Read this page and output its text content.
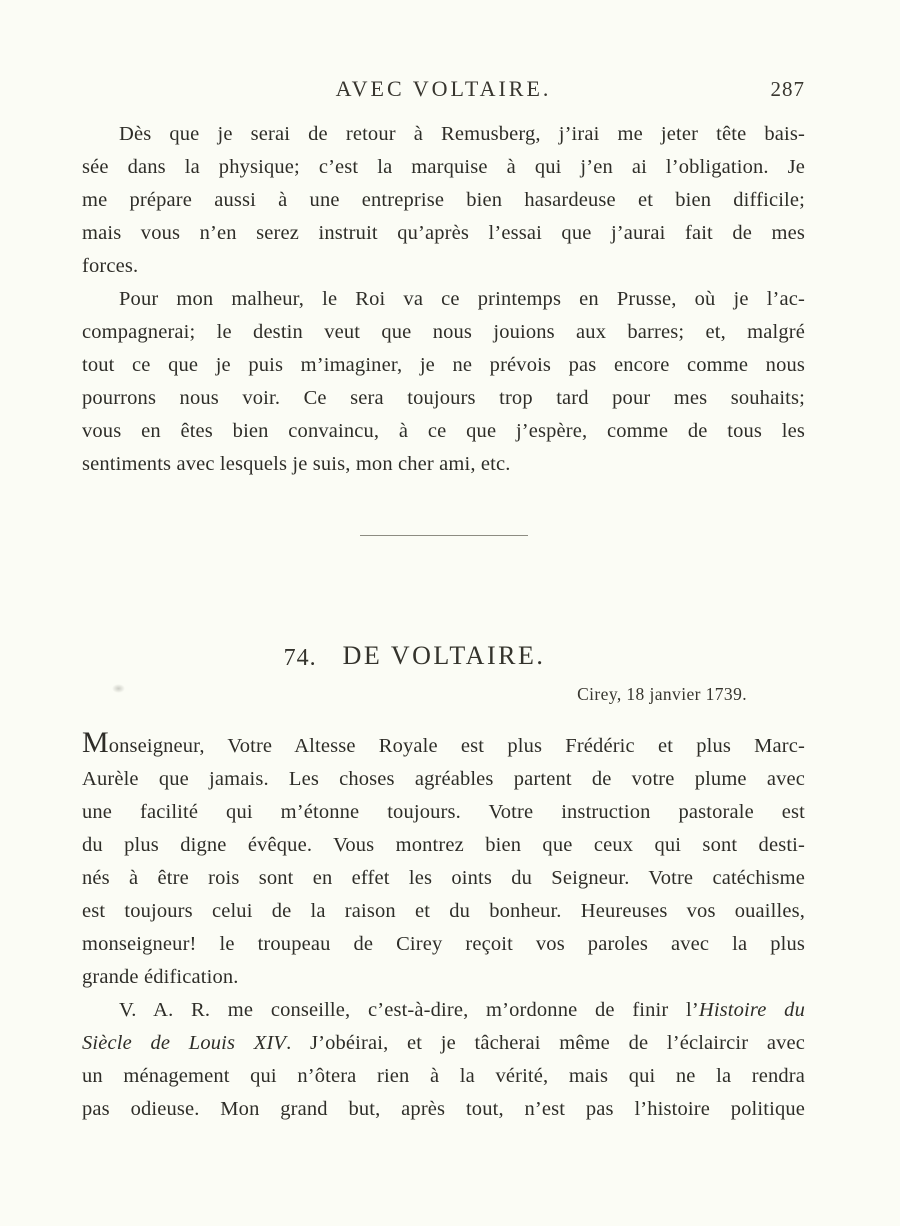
AVEC VOLTAIRE.	287
Dès que je serai de retour à Remusberg, j’irai me jeter tête bais-
sée dans la physique; c’est la marquise à qui j’en ai l’obligation. Je
me prépare aussi à une entreprise bien hasardeuse et bien difficile;
mais vous n’en serez instruit qu’après l’essai que j’aurai fait de mes
forces.
Pour mon malheur, le Roi va ce printemps en Prusse, où je l’ac-
compagnerai; le destin veut que nous jouions aux barres; et, malgré
tout ce que je puis m’imaginer, je ne prévois pas encore comme nous
pourrons nous voir. Ce sera toujours trop tard pour mes souhaits;
vous en êtes bien convaincu, à ce que j’espère, comme de tous les
sentiments avec lesquels je suis, mon cher ami, etc.
74. DE VOLTAIRE.
Cirey, 18 janvier 1739.
Monseigneur, Votre Altesse Royale est plus Frédéric et plus Marc-
Aurèle que jamais. Les choses agréables partent de votre plume avec
une facilité qui m’étonne toujours. Votre instruction pastorale est
du plus digne évêque. Vous montrez bien que ceux qui sont desti-
nés à être rois sont en effet les oints du Seigneur. Votre catéchisme
est toujours celui de la raison et du bonheur. Heureuses vos ouailles,
monseigneur! le troupeau de Cirey reçoit vos paroles avec la plus
grande édification.
V. A. R. me conseille, c’est-à-dire, m’ordonne de finir l’Histoire du
Siècle de Louis XIV. J’obéirai, et je tâcherai même de l’éclaircir avec
un ménagement qui n’ôtera rien à la vérité, mais qui ne la rendra
pas odieuse. Mon grand but, après tout, n’est pas l’histoire politique
